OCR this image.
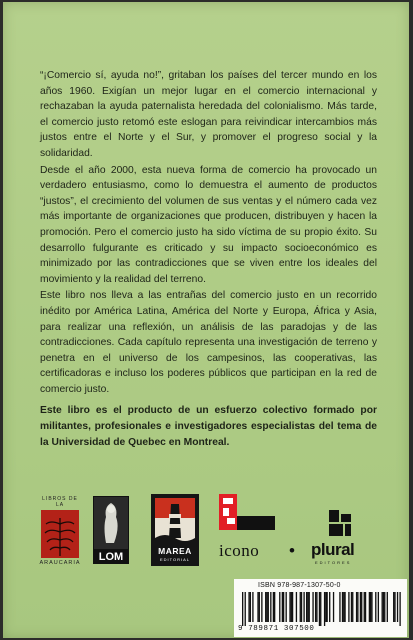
“¡Comercio sí, ayuda no!”, gritaban los países del tercer mundo en los años 1960. Exigían un mejor lugar en el comercio internacional y rechazaban la ayuda paternalista heredada del colonialismo. Más tarde, el comercio justo retomó este eslogan para reivindicar intercambios más justos entre el Norte y el Sur, y promover el progreso social y la solidaridad.

Desde el año 2000, esta nueva forma de comercio ha provocado un verdadero entusiasmo, como lo demuestra el aumento de productos “justos”, el crecimiento del volumen de sus ventas y el número cada vez más importante de organizaciones que producen, distribuyen y hacen la promoción. Pero el comercio justo ha sido víctima de su propio éxito. Su desarrollo fulgurante es criticado y su impacto socioeconómico es minimizado por las contradicciones que se viven entre los ideales del movimiento y la realidad del terreno.

Este libro nos lleva a las entrañas del comercio justo en un recorrido inédito por América Latina, América del Norte y Europa, África y Asia, para realizar una reflexión, un análisis de las paradojas y de las contradicciones. Cada capítulo representa una investigación de terreno y penetra en el universo de los campesinos, las cooperativas, las certificadoras e incluso los poderes públicos que participan en la red de comercio justo.

Este libro es el producto de un esfuerzo colectivo formado por militantes, profesionales e investigadores especialistas del tema de la Universidad de Quebec en Montreal.

LIBROS DE LA
ARAUCARIA	LOM	MAREA
EDITORIAL	icono • plural
EDITORES
ISBN 978-987-1307-50-0
9 789871 307500
